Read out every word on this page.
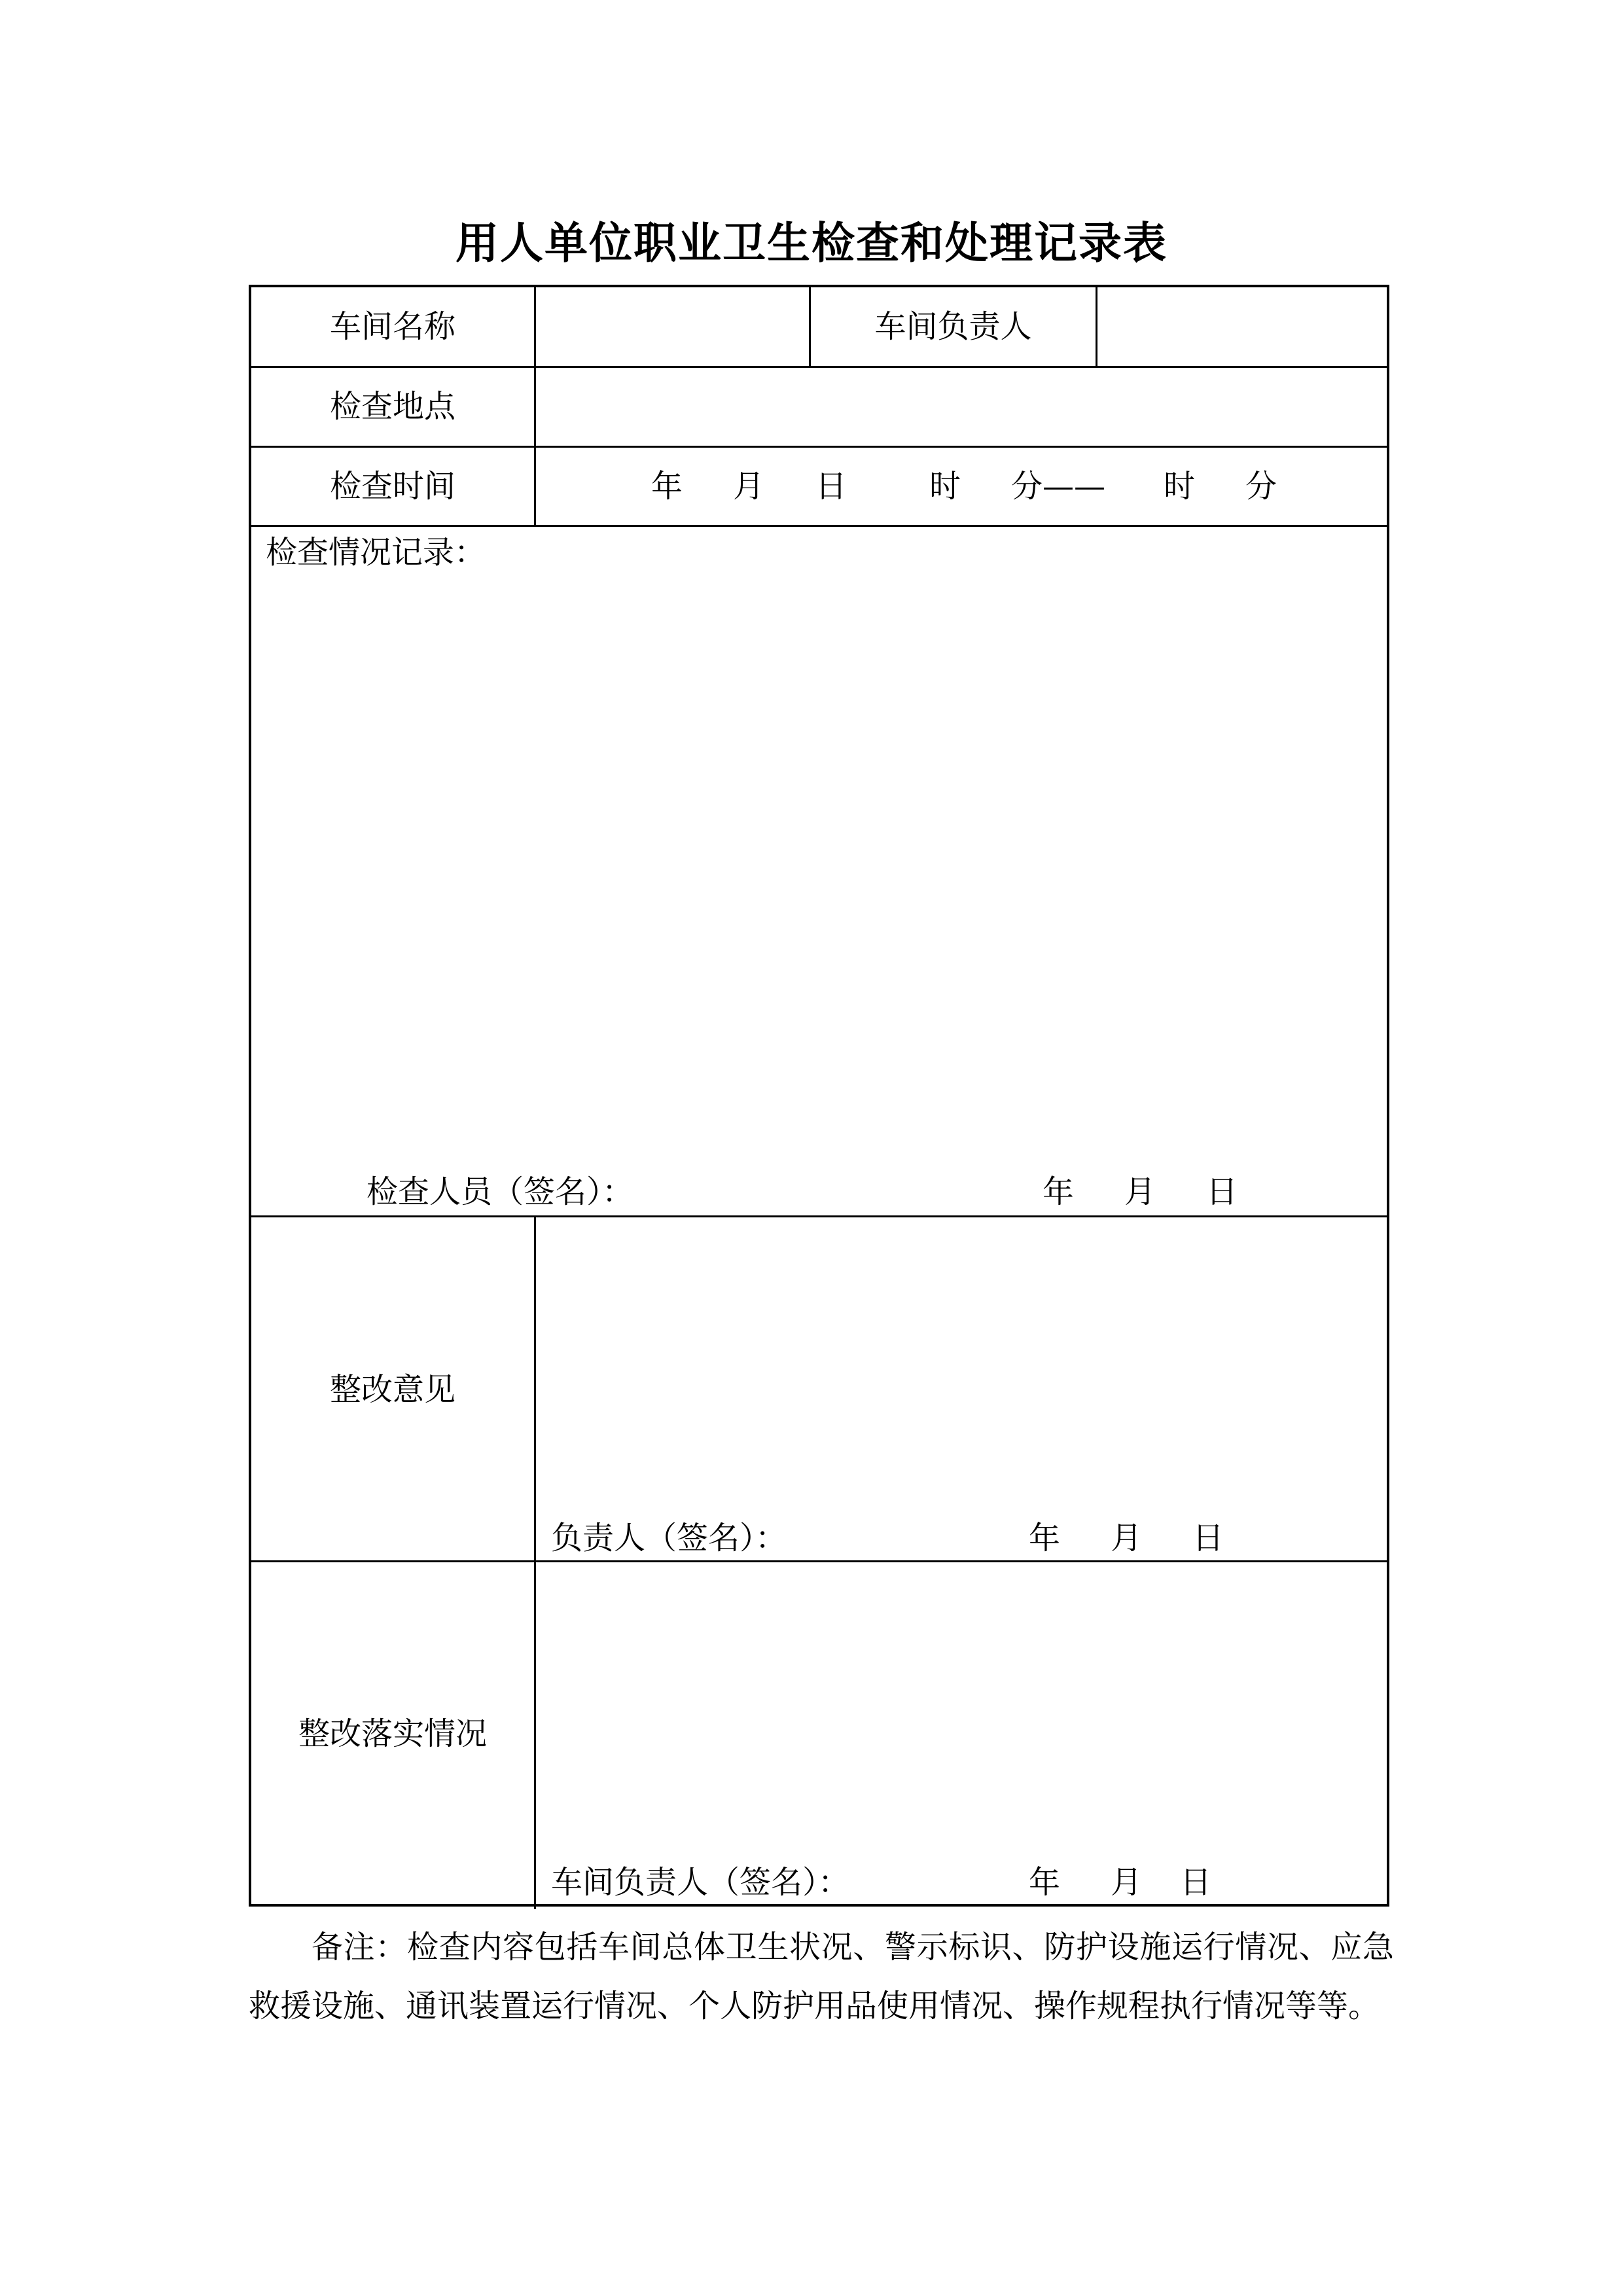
用人单位职业卫生检查和处理记录表
车间名称	车间负责人
检查地点
检查时间	年 月 日	时 分—— 时 分
检查情况记录：
检查人员（签名）：	年 月 日
整改意见
负责人（签名）：	年 月 日
整改落实情况
车间负责人（签名）：	年 月 日
备注：检查内容包括车间总体卫生状况、警示标识、防护设施运行情况、应急救援设施、通讯装置运行情况、个人防护用品使用情况、操作规程执行情况等等。
